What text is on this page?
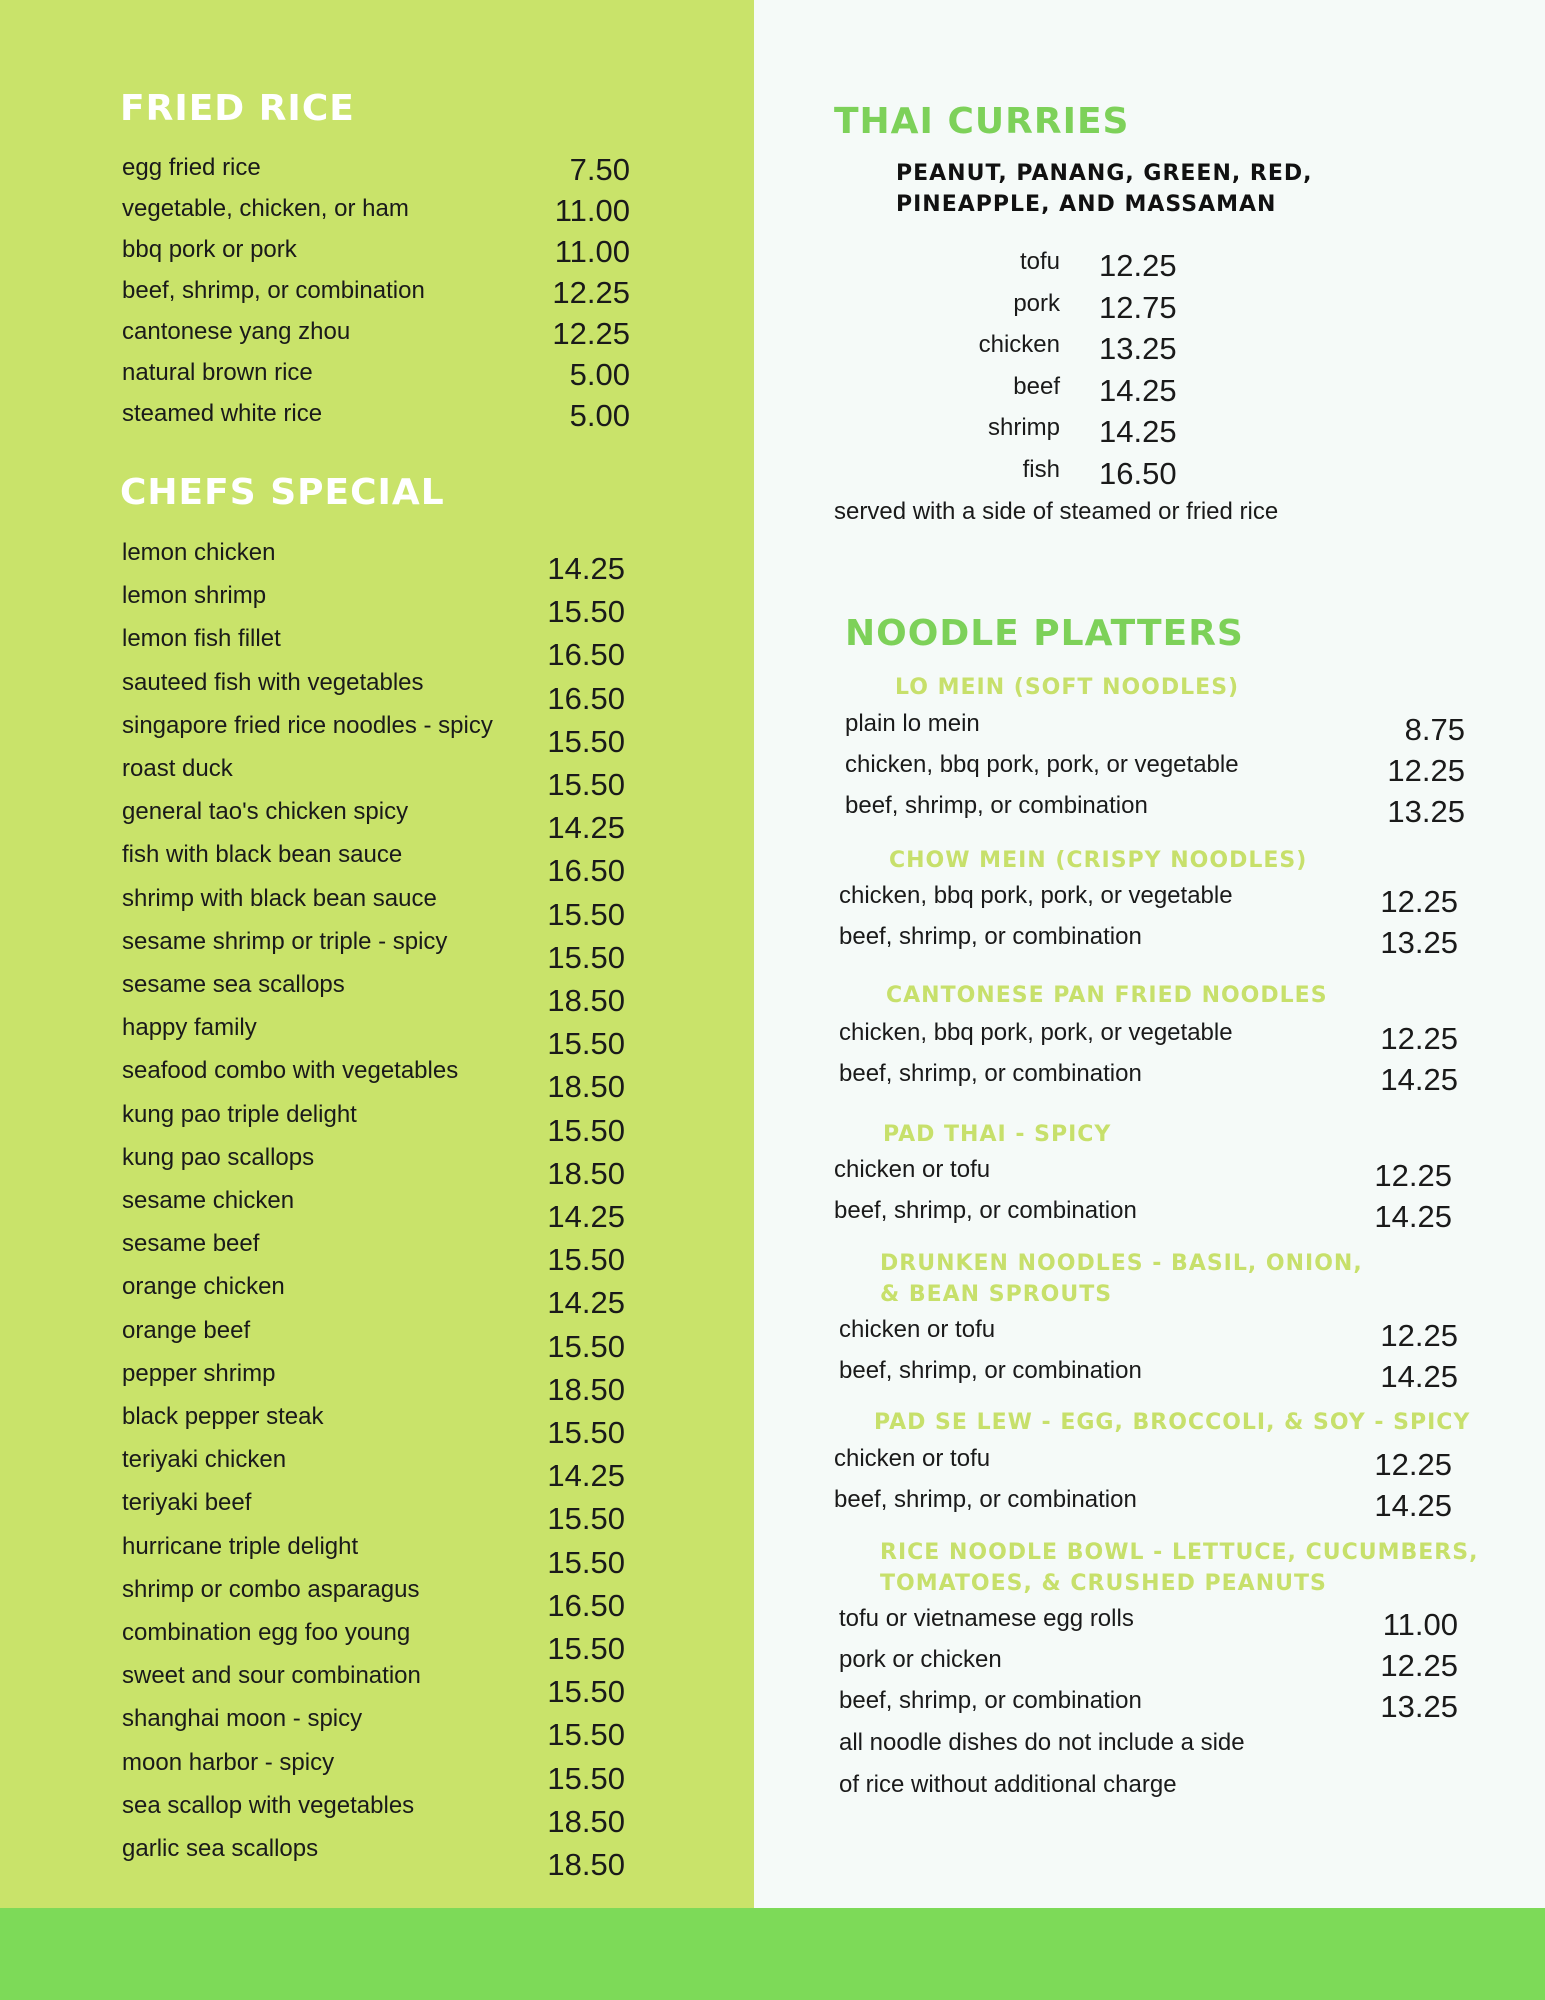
FRIED RICE
egg fried rice	7.50
vegetable, chicken, or ham	11.00
bbq pork or pork	11.00
beef, shrimp, or combination	12.25
cantonese yang zhou	12.25
natural brown rice	5.00
steamed white rice	5.00
CHEFS SPECIAL
lemon chicken	14.25
lemon shrimp	15.50
lemon fish fillet	16.50
sauteed fish with vegetables	16.50
singapore fried rice noodles - spicy	15.50
roast duck	15.50
general tao's chicken spicy	14.25
fish with black bean sauce	16.50
shrimp with black bean sauce	15.50
sesame shrimp or triple - spicy	15.50
sesame sea scallops	18.50
happy family	15.50
seafood combo with vegetables	18.50
kung pao triple delight	15.50
kung pao scallops	18.50
sesame chicken	14.25
sesame beef	15.50
orange chicken	14.25
orange beef	15.50
pepper shrimp	18.50
black pepper steak	15.50
teriyaki chicken	14.25
teriyaki beef	15.50
hurricane triple delight	15.50
shrimp or combo asparagus	16.50
combination egg foo young	15.50
sweet and sour combination	15.50
shanghai moon - spicy	15.50
moon harbor - spicy	15.50
sea scallop with vegetables	18.50
garlic sea scallops	18.50
THAI CURRIES
PEANUT, PANANG, GREEN, RED,
PINEAPPLE, AND MASSAMAN
tofu 12.25
pork 12.75
chicken 13.25
beef 14.25
shrimp 14.25
fish 16.50
served with a side of steamed or fried rice
NOODLE PLATTERS
LO MEIN (SOFT NOODLES)
plain lo mein	8.75
chicken, bbq pork, pork, or vegetable	12.25
beef, shrimp, or combination	13.25
CHOW MEIN (CRISPY NOODLES)
chicken, bbq pork, pork, or vegetable	12.25
beef, shrimp, or combination	13.25
CANTONESE PAN FRIED NOODLES
chicken, bbq pork, pork, or vegetable	12.25
beef, shrimp, or combination	14.25
PAD THAI - SPICY
chicken or tofu	12.25
beef, shrimp, or combination	14.25
DRUNKEN NOODLES - BASIL, ONION,
& BEAN SPROUTS
chicken or tofu	12.25
beef, shrimp, or combination	14.25
PAD SE LEW - EGG, BROCCOLI, & SOY - SPICY
chicken or tofu	12.25
beef, shrimp, or combination	14.25
RICE NOODLE BOWL - LETTUCE, CUCUMBERS,
TOMATOES, & CRUSHED PEANUTS
tofu or vietnamese egg rolls	11.00
pork or chicken	12.25
beef, shrimp, or combination	13.25
all noodle dishes do not include a side
of rice without additional charge
